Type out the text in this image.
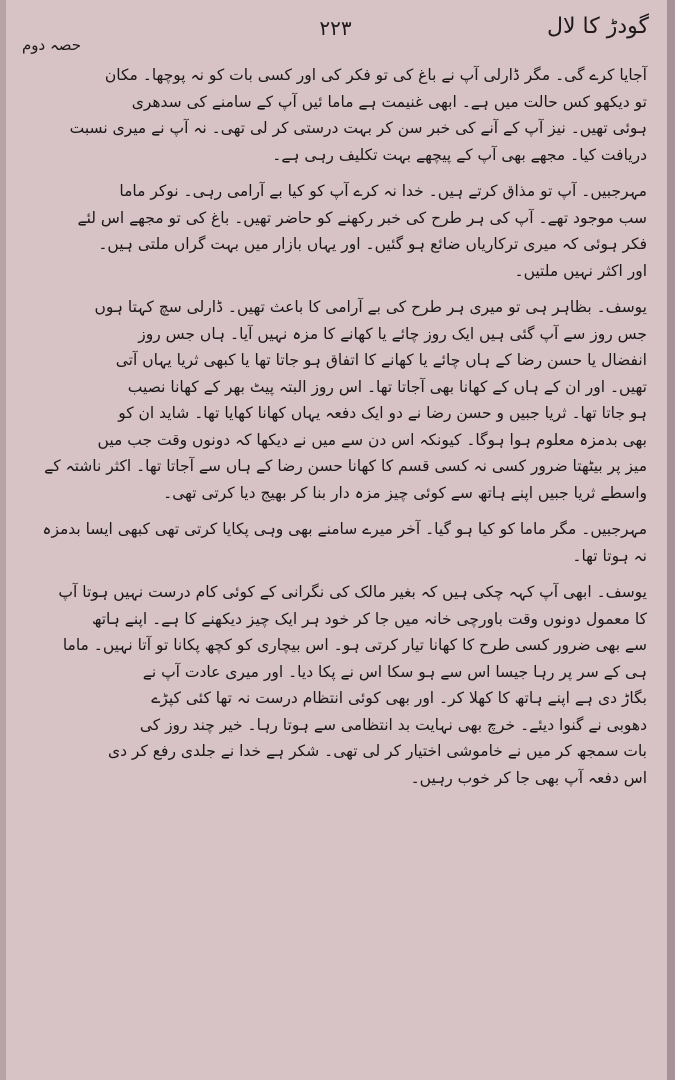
گودڑ کا لال
۲۲۳
حصہ دوم

آجایا کرے گی۔ مگر ڈارلی آپ نے باغ کی تو فکر کی اور کسی بات کو نہ پوچھا۔ مکان
تو دیکھو کس حالت میں ہے۔ ابھی غنیمت ہے ماما ئیں آپ کے سامنے کی سدھری
ہوئی تھیں۔ نیز آپ کے آنے کی خبر سن کر بہت درستی کر لی تھی۔ نہ آپ نے میری نسبت
دریافت کیا۔ مجھے بھی آپ کے پیچھے بہت تکلیف رہی ہے۔

مہرجبیں۔ آپ تو مذاق کرتے ہیں۔ خدا نہ کرے آپ کو کیا بے آرامی رہی۔ نوکر ماما
سب موجود تھے۔ آپ کی ہر طرح کی خبر رکھنے کو حاضر تھیں۔ باغ کی تو مجھے اس لئے
فکر ہوئی کہ میری ترکاریاں ضائع ہو گئیں۔ اور یہاں بازار میں بہت گراں ملتی ہیں۔
اور اکثر نہیں ملتیں۔

یوسف۔ بظاہر ہی تو میری ہر طرح کی بے آرامی کا باعث تھیں۔ ڈارلی سچ کہتا ہوں
جس روز سے آپ گئی ہیں ایک روز چائے یا کھانے کا مزہ نہیں آیا۔ ہاں جس روز
انفضال یا حسن رضا کے ہاں چائے یا کھانے کا اتفاق ہو جاتا تھا یا کبھی ثریا یہاں آتی
تھیں۔ اور ان کے ہاں کے کھانا بھی آجاتا تھا۔ اس روز البتہ پیٹ بھر کے کھانا نصیب
ہو جاتا تھا۔ ثریا جبیں و حسن رضا نے دو ایک دفعہ یہاں کھانا کھایا تھا۔ شاید ان کو
بھی بدمزہ معلوم ہوا ہوگا۔ کیونکہ اس دن سے میں نے دیکھا کہ دونوں وقت جب میں
میز پر بیٹھتا ضرور کسی نہ کسی قسم کا کھانا حسن رضا کے ہاں سے آجاتا تھا۔ اکثر ناشتہ کے
واسطے ثریا جبیں اپنے ہاتھ سے کوئی چیز مزہ دار بنا کر بھیج دیا کرتی تھی۔

مہرجبیں۔ مگر ماما کو کیا ہو گیا۔ آخر میرے سامنے بھی وہی پکایا کرتی تھی کبھی ایسا بدمزہ
نہ ہوتا تھا۔

یوسف۔ ابھی آپ کہہ چکی ہیں کہ بغیر مالک کی نگرانی کے کوئی کام درست نہیں ہوتا آپ
کا معمول دونوں وقت باورچی خانہ میں جا کر خود ہر ایک چیز دیکھنے کا ہے۔ اپنے ہاتھ
سے بھی ضرور کسی طرح کا کھانا تیار کرتی ہو۔ اس بیچاری کو کچھ پکانا تو آتا نہیں۔ ماما
ہی کے سر پر رہا جیسا اس سے ہو سکا اس نے پکا دیا۔ اور میری عادت آپ نے
بگاڑ دی ہے اپنے ہاتھ کا کھلا کر۔ اور بھی کوئی انتظام درست نہ تھا کئی کپڑے
دھوبی نے گنوا دیئے۔ خرچ بھی نہایت بد انتظامی سے ہوتا رہا۔ خیر چند روز کی
بات سمجھ کر میں نے خاموشی اختیار کر لی تھی۔ شکر ہے خدا نے جلدی رفع کر دی
اس دفعہ آپ بھی جا کر خوب رہیں۔
